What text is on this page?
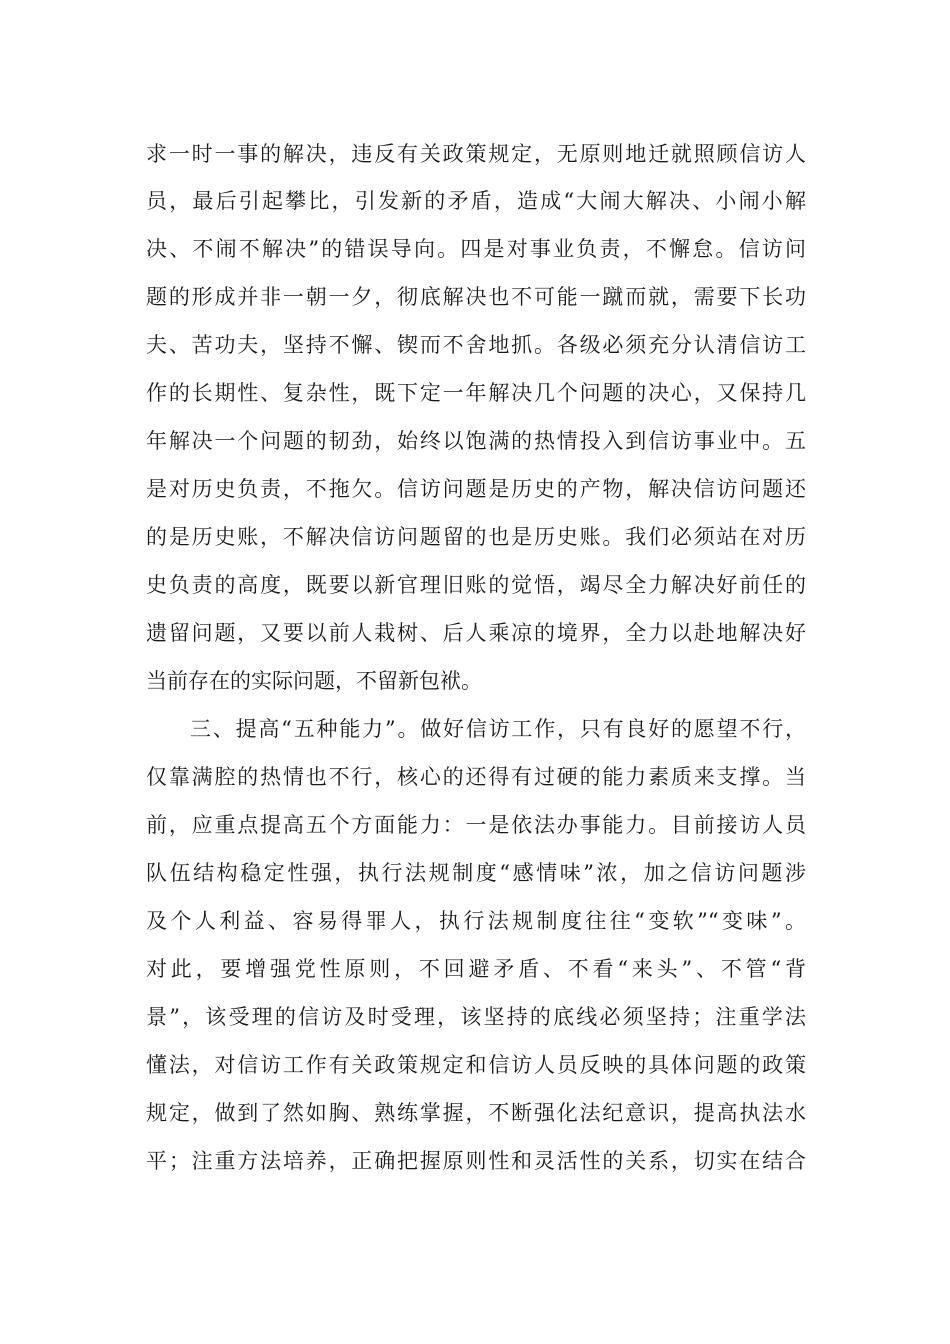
求一时一事的解决，违反有关政策规定，无原则地迁就照顾信访人
员，最后引起攀比，引发新的矛盾，造成“大闹大解决、小闹小解
决、不闹不解决”的错误导向。四是对事业负责，不懈怠。信访问
题的形成并非一朝一夕，彻底解决也不可能一蹴而就，需要下长功
夫、苦功夫，坚持不懈、锲而不舍地抓。各级必须充分认清信访工
作的长期性、复杂性，既下定一年解决几个问题的决心，又保持几
年解决一个问题的韧劲，始终以饱满的热情投入到信访事业中。五
是对历史负责，不拖欠。信访问题是历史的产物，解决信访问题还
的是历史账，不解决信访问题留的也是历史账。我们必须站在对历
史负责的高度，既要以新官理旧账的觉悟，竭尽全力解决好前任的
遗留问题，又要以前人栽树、后人乘凉的境界，全力以赴地解决好
当前存在的实际问题，不留新包袱。
三、提高“五种能力”。做好信访工作，只有良好的愿望不行，
仅靠满腔的热情也不行，核心的还得有过硬的能力素质来支撑。当
前，应重点提高五个方面能力：一是依法办事能力。目前接访人员
队伍结构稳定性强，执行法规制度“感情味”浓，加之信访问题涉
及个人利益、容易得罪人，执行法规制度往往“变软”“变味”。
对此，要增强党性原则，不回避矛盾、不看“来头”、不管“背
景”，该受理的信访及时受理，该坚持的底线必须坚持；注重学法
懂法，对信访工作有关政策规定和信访人员反映的具体问题的政策
规定，做到了然如胸、熟练掌握，不断强化法纪意识，提高执法水
平；注重方法培养，正确把握原则性和灵活性的关系，切实在结合
